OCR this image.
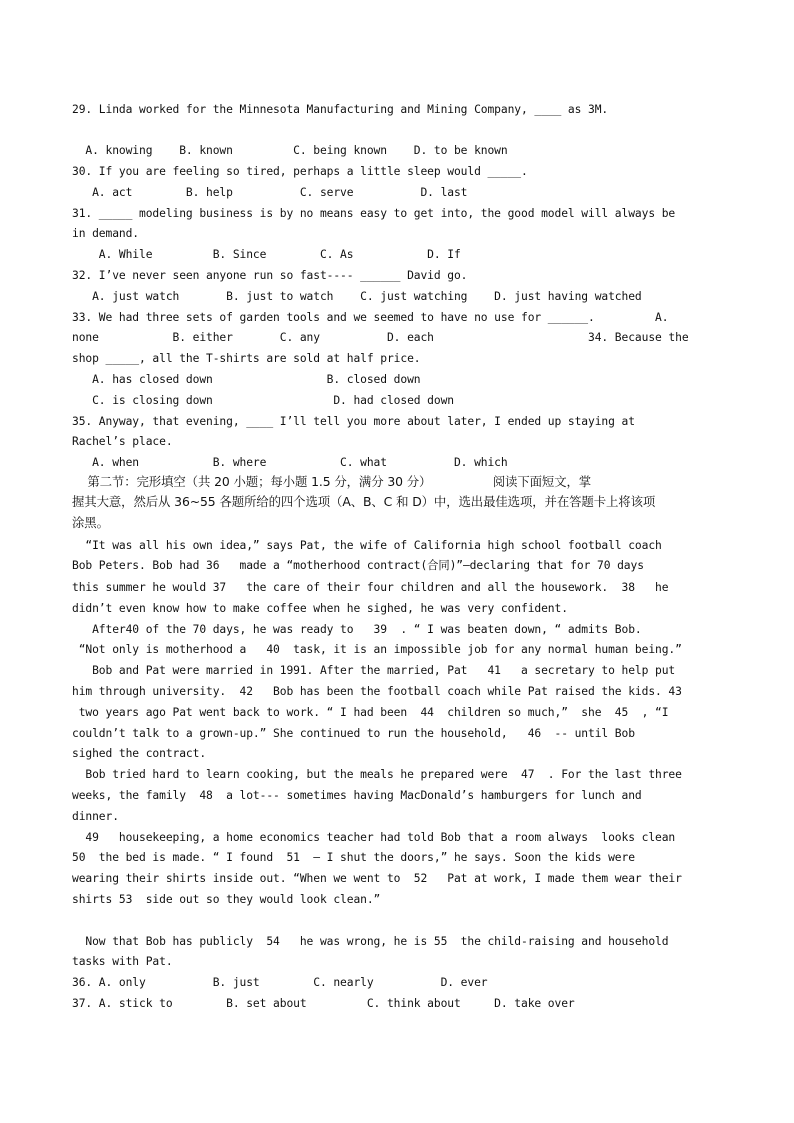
29. Linda worked for the Minnesota Manufacturing and Mining Company, ____ as 3M.
A. knowing    B. known         C. being known    D. to be known
30. If you are feeling so tired, perhaps a little sleep would _____.
A. act        B. help          C. serve          D. last
31. _____ modeling business is by no means easy to get into, the good model will always be
in demand.
A. While         B. Since        C. As           D. If
32. I’ve never seen anyone run so fast---- ______ David go.
A. just watch       B. just to watch    C. just watching    D. just having watched
33. We had three sets of garden tools and we seemed to have no use for ______.         A.
none           B. either       C. any          D. each                       34. Because the
shop _____, all the T-shirts are sold at half price.
A. has closed down                 B. closed down
C. is closing down                  D. had closed down
35. Anyway, that evening, ____ I’ll tell you more about later, I ended up staying at
Rachel’s place.
A. when           B. where           C. what          D. which
第二节：完形填空（共 20 小题；每小题 1.5 分，满分 30 分）                阅读下面短文，掌
握其大意，然后从 36~55 各题所给的四个选项（A、B、C 和 D）中，选出最佳选项，并在答题卡上将该项
涂黑。
“It was all his own idea,” says Pat, the wife of California high school football coach
Bob Peters. Bob had 36   made a “motherhood contract(合同)”—declaring that for 70 days
this summer he would 37   the care of their four children and all the housework.  38   he
didn’t even know how to make coffee when he sighed, he was very confident.
After40 of the 70 days, he was ready to   39  . “ I was beaten down, “ admits Bob.
“Not only is motherhood a   40  task, it is an impossible job for any normal human being.”
Bob and Pat were married in 1991. After the married, Pat   41   a secretary to help put
him through university.  42   Bob has been the football coach while Pat raised the kids. 43
two years ago Pat went back to work. “ I had been  44  children so much,”  she  45  , “I
couldn’t talk to a grown-up.” She continued to run the household,   46  -- until Bob
sighed the contract.
Bob tried hard to learn cooking, but the meals he prepared were  47  . For the last three
weeks, the family  48  a lot--- sometimes having MacDonald’s hamburgers for lunch and
dinner.
49   housekeeping, a home economics teacher had told Bob that a room always  looks clean
50  the bed is made. “ I found  51  – I shut the doors,” he says. Soon the kids were
wearing their shirts inside out. “When we went to  52   Pat at work, I made them wear their
shirts 53  side out so they would look clean.”
Now that Bob has publicly  54   he was wrong, he is 55  the child-raising and household
tasks with Pat.
36. A. only          B. just        C. nearly          D. ever
37. A. stick to        B. set about         C. think about     D. take over
